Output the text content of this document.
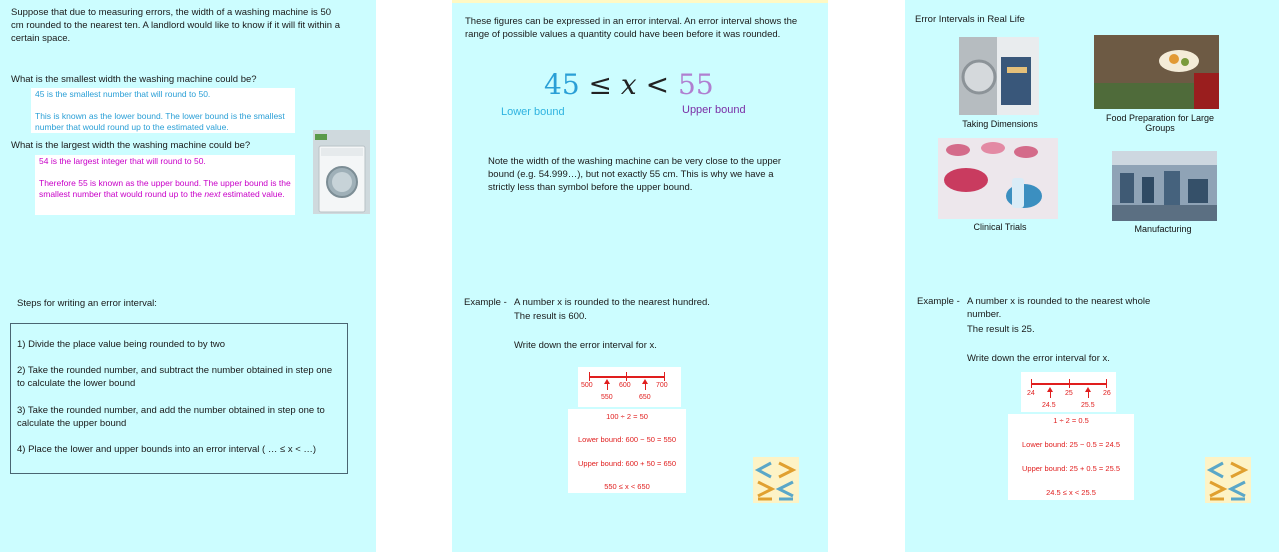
Suppose that due to measuring errors, the width of a washing machine is 50 cm rounded to the nearest ten. A landlord would like to know if it will fit within a certain space.
What is the smallest width the washing machine could be?
45 is the smallest number that will round to 50.
This is known as the lower bound. The lower bound is the smallest number that would round up to the estimated value.
What is the largest width the washing machine could be?
54 is the largest integer that will round to 50.
Therefore 55 is known as the upper bound. The upper bound is the smallest number that would round up to the next estimated value.
Steps for writing an error interval:
1) Divide the place value being rounded to by two
2) Take the rounded number, and subtract the number obtained in step one to calculate the lower bound
3) Take the rounded number, and add the number obtained in step one to calculate the upper bound
4) Place the lower and upper bounds into an error interval ( … ≤ x < …)
These figures can be expressed in an error interval. An error interval shows the range of possible values a quantity could have been before it was rounded.
45 ≤ x < 55
Lower bound	Upper bound
Note the width of the washing machine can be very close to the upper bound (e.g. 54.999…), but not exactly 55 cm. This is why we have a strictly less than symbol before the upper bound.
Example - A number x is rounded to the nearest hundred.
The result is 600.
Write down the error interval for x.
500	600	700
550	650
100 ÷ 2 = 50
Lower bound: 600 − 50 = 550
Upper bound: 600 + 50 = 650
550 ≤ x < 650
Error Intervals in Real Life
Taking Dimensions
Food Preparation for Large Groups
Clinical Trials	Manufacturing
Example - A number x is rounded to the nearest whole number.
The result is 25.
Write down the error interval for x.
24	25	26
24.5	25.5
1 ÷ 2 = 0.5
Lower bound: 25 − 0.5 = 24.5
Upper bound: 25 + 0.5 = 25.5
24.5 ≤ x < 25.5
